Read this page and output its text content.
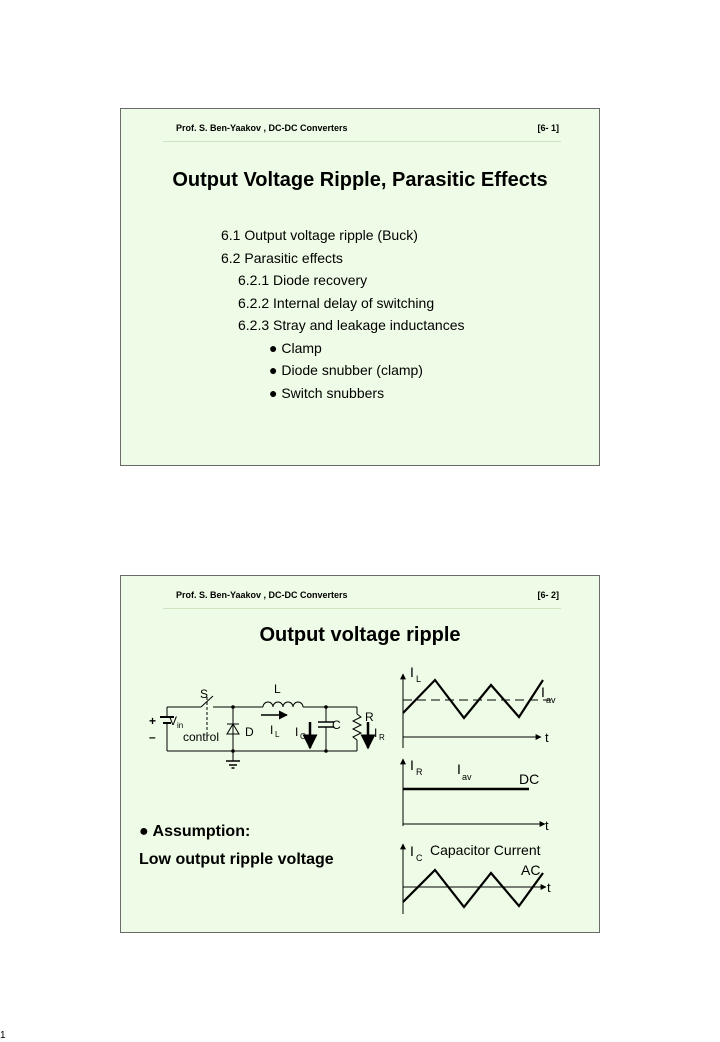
Prof. S. Ben-Yaakov , DC-DC Converters	[6- 1]
Output Voltage Ripple, Parasitic Effects
6.1 Output voltage ripple (Buck)
6.2 Parasitic effects
6.2.1 Diode recovery
6.2.2 Internal delay of switching
6.2.3 Stray and leakage inductances
● Clamp
● Diode snubber (clamp)
● Switch snubbers
Prof. S. Ben-Yaakov , DC-DC Converters	[6- 2]
Output voltage ripple
L
S
R
C
D
+
–
V in
control	I L I C	I R
I L
I av
t
I R I av	DC
t
I C Capacitor Current
AC
t
● Assumption:
Low output ripple voltage
1
